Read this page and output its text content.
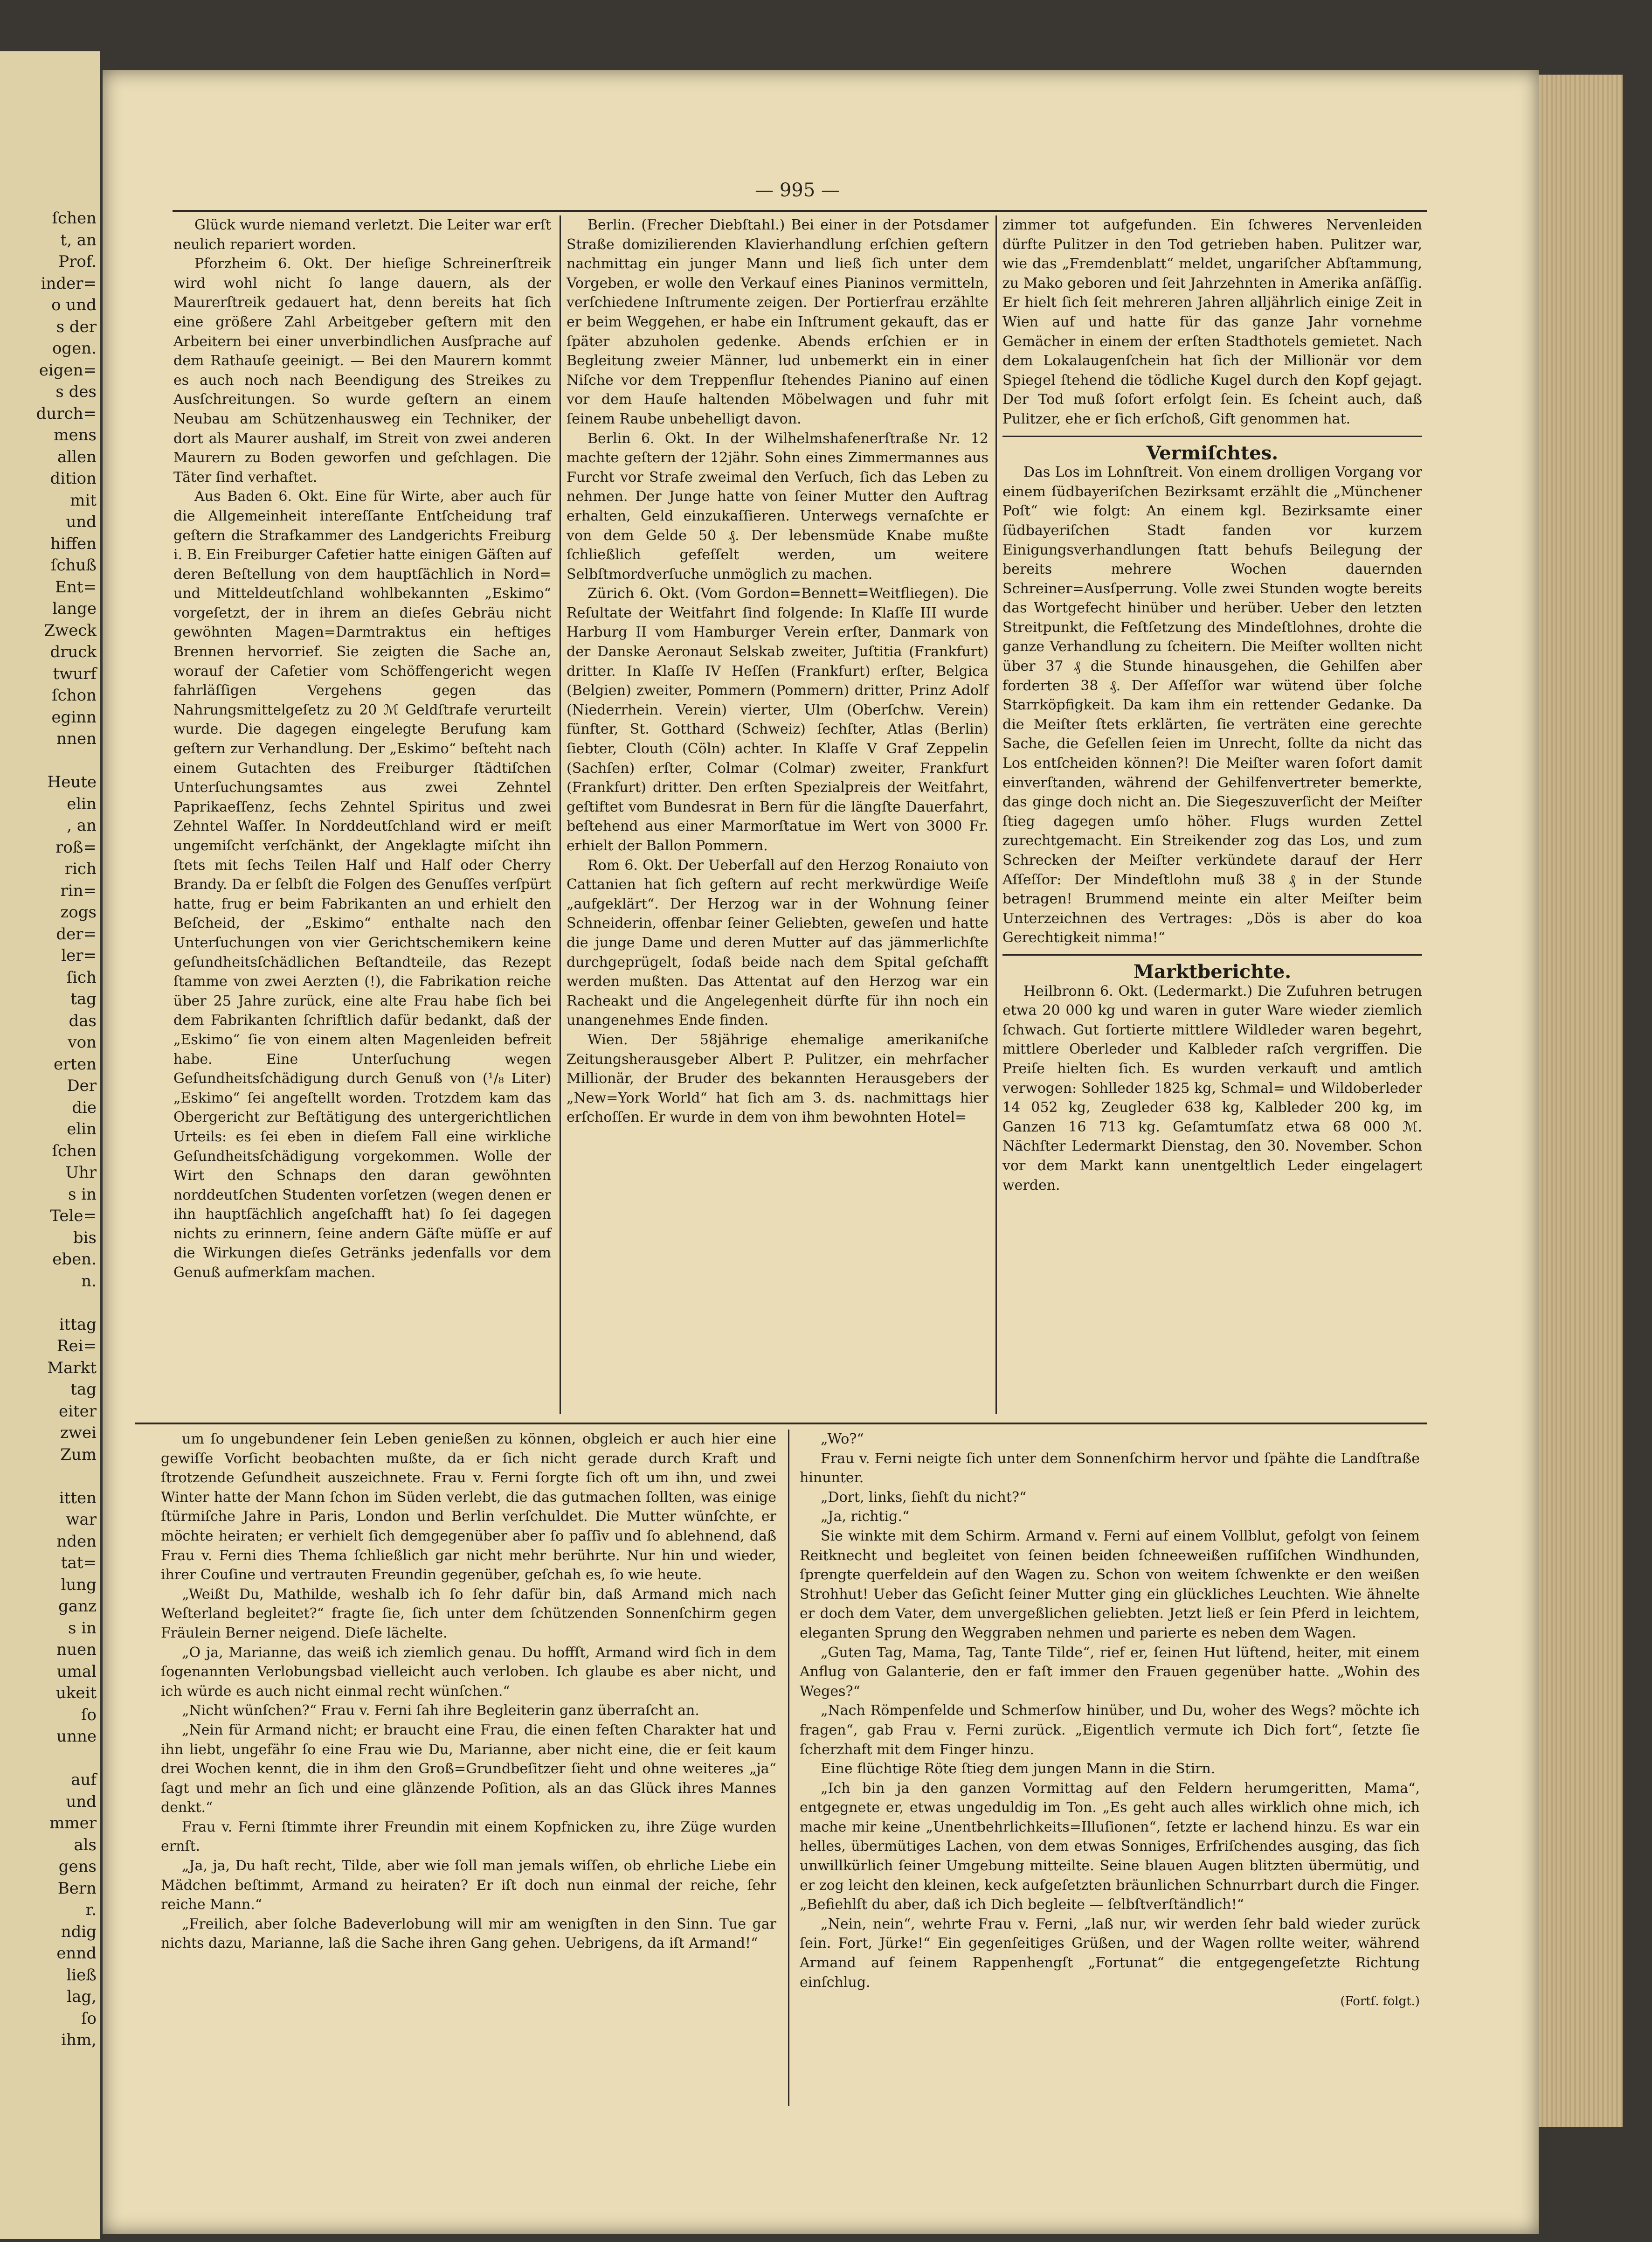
ſchen
t, an
Prof.
inder=
o und
s der
ogen.
eigen=
s des
durch=
mens
allen
dition
mit
und
hiffen
ſchuß
Ent=
lange
Zweck
druck
twurf
ſchon
eginn
nnen
Heute
elin
, an
roß=
rich
rin=
zogs
der=
ler=
ſich
tag
das
von
erten
Der
die
elin
ſchen
Uhr
s in
Tele=
bis
eben.
n.
ittag
Rei=
Markt
tag
eiter
zwei
Zum
itten
war
nden
tat=
lung
ganz
s in
nuen
umal
ukeit
ſo
unne
auf
und
mmer
als
gens
Bern
r.
ndig
ennd
ließ
lag,
ſo
ihm,
— 995 —

Glück wurde niemand verletzt. Die Leiter war erſt neulich repariert worden.

Pforzheim 6. Okt. Der hieſige Schreinerſtreik wird wohl nicht ſo lange dauern, als der Maurerſtreik gedauert hat, denn bereits hat ſich eine größere Zahl Arbeitgeber geſtern mit den Arbeitern bei einer unverbindlichen Ausſprache auf dem Rathauſe geeinigt. — Bei den Maurern kommt es auch noch nach Beendigung des Streikes zu Ausſchreitungen. So wurde geſtern an einem Neubau am Schützenhausweg ein Techniker, der dort als Maurer aushalf, im Streit von zwei anderen Maurern zu Boden geworfen und geſchlagen. Die Täter ſind verhaftet.

Aus Baden 6. Okt. Eine für Wirte, aber auch für die Allgemeinheit intereſſante Entſcheidung traf geſtern die Strafkammer des Landgerichts Freiburg i. B. Ein Freiburger Cafetier hatte einigen Gäſten auf deren Beſtellung von dem hauptſächlich in Nord= und Mitteldeutſchland wohlbekannten „Eskimo“ vorgeſetzt, der in ihrem an dieſes Gebräu nicht gewöhnten Magen=Darmtraktus ein heftiges Brennen hervorrief. Sie zeigten die Sache an, worauf der Cafetier vom Schöffengericht wegen fahrläſſigen Vergehens gegen das Nahrungsmittelgeſetz zu 20 ℳ Geldſtrafe verurteilt wurde. Die dagegen eingelegte Berufung kam geſtern zur Verhandlung. Der „Eskimo“ beſteht nach einem Gutachten des Freiburger ſtädtiſchen Unterſuchungsamtes aus zwei Zehntel Paprikaeſſenz, ſechs Zehntel Spiritus und zwei Zehntel Waſſer. In Norddeutſchland wird er meiſt ungemiſcht verſchänkt, der Angeklagte miſcht ihn ſtets mit ſechs Teilen Half und Half oder Cherry Brandy. Da er ſelbſt die Folgen des Genuſſes verſpürt hatte, frug er beim Fabrikanten an und erhielt den Beſcheid, der „Eskimo“ enthalte nach den Unterſuchungen von vier Gerichtschemikern keine geſundheitsſchädlichen Beſtandteile, das Rezept ſtamme von zwei Aerzten (!), die Fabrikation reiche über 25 Jahre zurück, eine alte Frau habe ſich bei dem Fabrikanten ſchriftlich dafür bedankt, daß der „Eskimo“ ſie von einem alten Magenleiden befreit habe. Eine Unterſuchung wegen Geſundheitsſchädigung durch Genuß von (¹/₈ Liter) „Eskimo“ ſei angeſtellt worden. Trotzdem kam das Obergericht zur Beſtätigung des untergerichtlichen Urteils: es ſei eben in dieſem Fall eine wirkliche Geſundheitsſchädigung vorgekommen. Wolle der Wirt den Schnaps den daran gewöhnten norddeutſchen Studenten vorſetzen (wegen denen er ihn hauptſächlich angeſchafft hat) ſo ſei dagegen nichts zu erinnern, ſeine andern Gäſte müſſe er auf die Wirkungen dieſes Getränks jedenfalls vor dem Genuß aufmerkſam machen.

Berlin. (Frecher Diebſtahl.) Bei einer in der Potsdamer Straße domizilierenden Klavierhandlung erſchien geſtern nachmittag ein junger Mann und ließ ſich unter dem Vorgeben, er wolle den Verkauf eines Pianinos vermitteln, verſchiedene Inſtrumente zeigen. Der Portierfrau erzählte er beim Weggehen, er habe ein Inſtrument gekauft, das er ſpäter abzuholen gedenke. Abends erſchien er in Begleitung zweier Männer, lud unbemerkt ein in einer Niſche vor dem Treppenflur ſtehendes Pianino auf einen vor dem Hauſe haltenden Möbelwagen und fuhr mit ſeinem Raube unbehelligt davon.

Berlin 6. Okt. In der Wilhelmshafenerſtraße Nr. 12 machte geſtern der 12jähr. Sohn eines Zimmermannes aus Furcht vor Strafe zweimal den Verſuch, ſich das Leben zu nehmen. Der Junge hatte von ſeiner Mutter den Auftrag erhalten, Geld einzukaſſieren. Unterwegs vernaſchte er von dem Gelde 50 ₰. Der lebensmüde Knabe mußte ſchließlich gefeſſelt werden, um weitere Selbſtmordverſuche unmöglich zu machen.

Zürich 6. Okt. (Vom Gordon=Bennett=Weitfliegen). Die Reſultate der Weitfahrt ſind folgende: In Klaſſe III wurde Harburg II vom Hamburger Verein erſter, Danmark von der Danske Aeronaut Selskab zweiter, Juſtitia (Frankfurt) dritter. In Klaſſe IV Heſſen (Frankfurt) erſter, Belgica (Belgien) zweiter, Pommern (Pommern) dritter, Prinz Adolf (Niederrhein. Verein) vierter, Ulm (Oberſchw. Verein) fünfter, St. Gotthard (Schweiz) ſechſter, Atlas (Berlin) ſiebter, Clouth (Cöln) achter. In Klaſſe V Graf Zeppelin (Sachſen) erſter, Colmar (Colmar) zweiter, Frankfurt (Frankfurt) dritter. Den erſten Spezialpreis der Weitfahrt, geſtiftet vom Bundesrat in Bern für die längſte Dauerfahrt, beſtehend aus einer Marmorſtatue im Wert von 3000 Fr. erhielt der Ballon Pommern.

Rom 6. Okt. Der Ueberfall auf den Herzog Ronaiuto von Cattanien hat ſich geſtern auf recht merkwürdige Weiſe „aufgeklärt“. Der Herzog war in der Wohnung ſeiner Schneiderin, offenbar ſeiner Geliebten, geweſen und hatte die junge Dame und deren Mutter auf das jämmerlichſte durchgeprügelt, ſodaß beide nach dem Spital geſchafft werden mußten. Das Attentat auf den Herzog war ein Racheakt und die Angelegenheit dürfte für ihn noch ein unangenehmes Ende finden.

Wien. Der 58jährige ehemalige amerikaniſche Zeitungsherausgeber Albert P. Pulitzer, ein mehrfacher Millionär, der Bruder des bekannten Herausgebers der „New=York World“ hat ſich am 3. ds. nachmittags hier erſchoſſen. Er wurde in dem von ihm bewohnten Hotel=

zimmer tot aufgefunden. Ein ſchweres Nervenleiden dürfte Pulitzer in den Tod getrieben haben. Pulitzer war, wie das „Fremdenblatt“ meldet, ungariſcher Abſtammung, zu Mako geboren und ſeit Jahrzehnten in Amerika anſäſſig. Er hielt ſich ſeit mehreren Jahren alljährlich einige Zeit in Wien auf und hatte für das ganze Jahr vornehme Gemächer in einem der erſten Stadthotels gemietet. Nach dem Lokalaugenſchein hat ſich der Millionär vor dem Spiegel ſtehend die tödliche Kugel durch den Kopf gejagt. Der Tod muß ſofort erfolgt ſein. Es ſcheint auch, daß Pulitzer, ehe er ſich erſchoß, Gift genommen hat.

Vermiſchtes.

Das Los im Lohnſtreit. Von einem drolligen Vorgang vor einem ſüdbayeriſchen Bezirksamt erzählt die „Münchener Poſt“ wie folgt: An einem kgl. Bezirksamte einer ſüdbayeriſchen Stadt fanden vor kurzem Einigungsverhandlungen ſtatt behufs Beilegung der bereits mehrere Wochen dauernden Schreiner=Ausſperrung. Volle zwei Stunden wogte bereits das Wortgefecht hinüber und herüber. Ueber den letzten Streitpunkt, die Feſtſetzung des Mindeſtlohnes, drohte die ganze Verhandlung zu ſcheitern. Die Meiſter wollten nicht über 37 ₰ die Stunde hinausgehen, die Gehilfen aber forderten 38 ₰. Der Aſſeſſor war wütend über ſolche Starrköpfigkeit. Da kam ihm ein rettender Gedanke. Da die Meiſter ſtets erklärten, ſie verträten eine gerechte Sache, die Geſellen ſeien im Unrecht, ſollte da nicht das Los entſcheiden können?! Die Meiſter waren ſofort damit einverſtanden, während der Gehilfenvertreter bemerkte, das ginge doch nicht an. Die Siegeszuverſicht der Meiſter ſtieg dagegen umſo höher. Flugs wurden Zettel zurechtgemacht. Ein Streikender zog das Los, und zum Schrecken der Meiſter verkündete darauf der Herr Aſſeſſor: Der Mindeſtlohn muß 38 ₰ in der Stunde betragen! Brummend meinte ein alter Meiſter beim Unterzeichnen des Vertrages: „Dös is aber do koa Gerechtigkeit nimma!“

Marktberichte.

Heilbronn 6. Okt. (Ledermarkt.) Die Zufuhren betrugen etwa 20 000 kg und waren in guter Ware wieder ziemlich ſchwach. Gut ſortierte mittlere Wildleder waren begehrt, mittlere Oberleder und Kalbleder raſch vergriffen. Die Preiſe hielten ſich. Es wurden verkauft und amtlich verwogen: Sohlleder 1825 kg, Schmal= und Wildoberleder 14 052 kg, Zeugleder 638 kg, Kalbleder 200 kg, im Ganzen 16 713 kg. Geſamtumſatz etwa 68 000 ℳ. Nächſter Ledermarkt Dienstag, den 30. November. Schon vor dem Markt kann unentgeltlich Leder eingelagert werden.

um ſo ungebundener ſein Leben genießen zu können, obgleich er auch hier eine gewiſſe Vorſicht beobachten mußte, da er ſich nicht gerade durch Kraft und ſtrotzende Geſundheit auszeichnete. Frau v. Ferni ſorgte ſich oft um ihn, und zwei Winter hatte der Mann ſchon im Süden verlebt, die das gutmachen ſollten, was einige ſtürmiſche Jahre in Paris, London und Berlin verſchuldet. Die Mutter wünſchte, er möchte heiraten; er verhielt ſich demgegenüber aber ſo paſſiv und ſo ablehnend, daß Frau v. Ferni dies Thema ſchließlich gar nicht mehr berührte. Nur hin und wieder, ihrer Couſine und vertrauten Freundin gegenüber, geſchah es, ſo wie heute.

„Weißt Du, Mathilde, weshalb ich ſo ſehr dafür bin, daß Armand mich nach Weſterland begleitet?“ fragte ſie, ſich unter dem ſchützenden Sonnenſchirm gegen Fräulein Berner neigend. Dieſe lächelte.

„O ja, Marianne, das weiß ich ziemlich genau. Du hoffſt, Armand wird ſich in dem ſogenannten Verlobungsbad vielleicht auch verloben. Ich glaube es aber nicht, und ich würde es auch nicht einmal recht wünſchen.“

„Nicht wünſchen?“ Frau v. Ferni ſah ihre Begleiterin ganz überraſcht an.

„Nein für Armand nicht; er braucht eine Frau, die einen feſten Charakter hat und ihn liebt, ungefähr ſo eine Frau wie Du, Marianne, aber nicht eine, die er ſeit kaum drei Wochen kennt, die in ihm den Groß=Grundbeſitzer ſieht und ohne weiteres „ja“ ſagt und mehr an ſich und eine glänzende Poſition, als an das Glück ihres Mannes denkt.“

Frau v. Ferni ſtimmte ihrer Freundin mit einem Kopfnicken zu, ihre Züge wurden ernſt.

„Ja, ja, Du haſt recht, Tilde, aber wie ſoll man jemals wiſſen, ob ehrliche Liebe ein Mädchen beſtimmt, Armand zu heiraten? Er iſt doch nun einmal der reiche, ſehr reiche Mann.“

„Freilich, aber ſolche Badeverlobung will mir am wenigſten in den Sinn. Tue gar nichts dazu, Marianne, laß die Sache ihren Gang gehen. Uebrigens, da iſt Armand!“

„Wo?“

Frau v. Ferni neigte ſich unter dem Sonnenſchirm hervor und ſpähte die Landſtraße hinunter.

„Dort, links, ſiehſt du nicht?“

„Ja, richtig.“

Sie winkte mit dem Schirm. Armand v. Ferni auf einem Vollblut, gefolgt von ſeinem Reitknecht und begleitet von ſeinen beiden ſchneeweißen ruſſiſchen Windhunden, ſprengte querfeldein auf den Wagen zu. Schon von weitem ſchwenkte er den weißen Strohhut! Ueber das Geſicht ſeiner Mutter ging ein glückliches Leuchten. Wie ähnelte er doch dem Vater, dem unvergeßlichen geliebten. Jetzt ließ er ſein Pferd in leichtem, eleganten Sprung den Weggraben nehmen und parierte es neben dem Wagen.

„Guten Tag, Mama, Tag, Tante Tilde“, rief er, ſeinen Hut lüftend, heiter, mit einem Anflug von Galanterie, den er faſt immer den Frauen gegenüber hatte. „Wohin des Weges?“

„Nach Römpenfelde und Schmerſow hinüber, und Du, woher des Wegs? möchte ich fragen“, gab Frau v. Ferni zurück. „Eigentlich vermute ich Dich fort“, ſetzte ſie ſcherzhaft mit dem Finger hinzu.

Eine flüchtige Röte ſtieg dem jungen Mann in die Stirn.

„Ich bin ja den ganzen Vormittag auf den Feldern herumgeritten, Mama“, entgegnete er, etwas ungeduldig im Ton. „Es geht auch alles wirklich ohne mich, ich mache mir keine „Unentbehrlichkeits=Illuſionen“, ſetzte er lachend hinzu. Es war ein helles, übermütiges Lachen, von dem etwas Sonniges, Erfriſchendes ausging, das ſich unwillkürlich ſeiner Umgebung mitteilte. Seine blauen Augen blitzten übermütig, und er zog leicht den kleinen, keck aufgeſetzten bräunlichen Schnurrbart durch die Finger. „Befiehlſt du aber, daß ich Dich begleite — ſelbſtverſtändlich!“

„Nein, nein“, wehrte Frau v. Ferni, „laß nur, wir werden ſehr bald wieder zurück ſein. Fort, Jürke!“ Ein gegenſeitiges Grüßen, und der Wagen rollte weiter, während Armand auf ſeinem Rappenhengſt „Fortunat“ die entgegengeſetzte Richtung einſchlug.

(Fortſ. folgt.)
